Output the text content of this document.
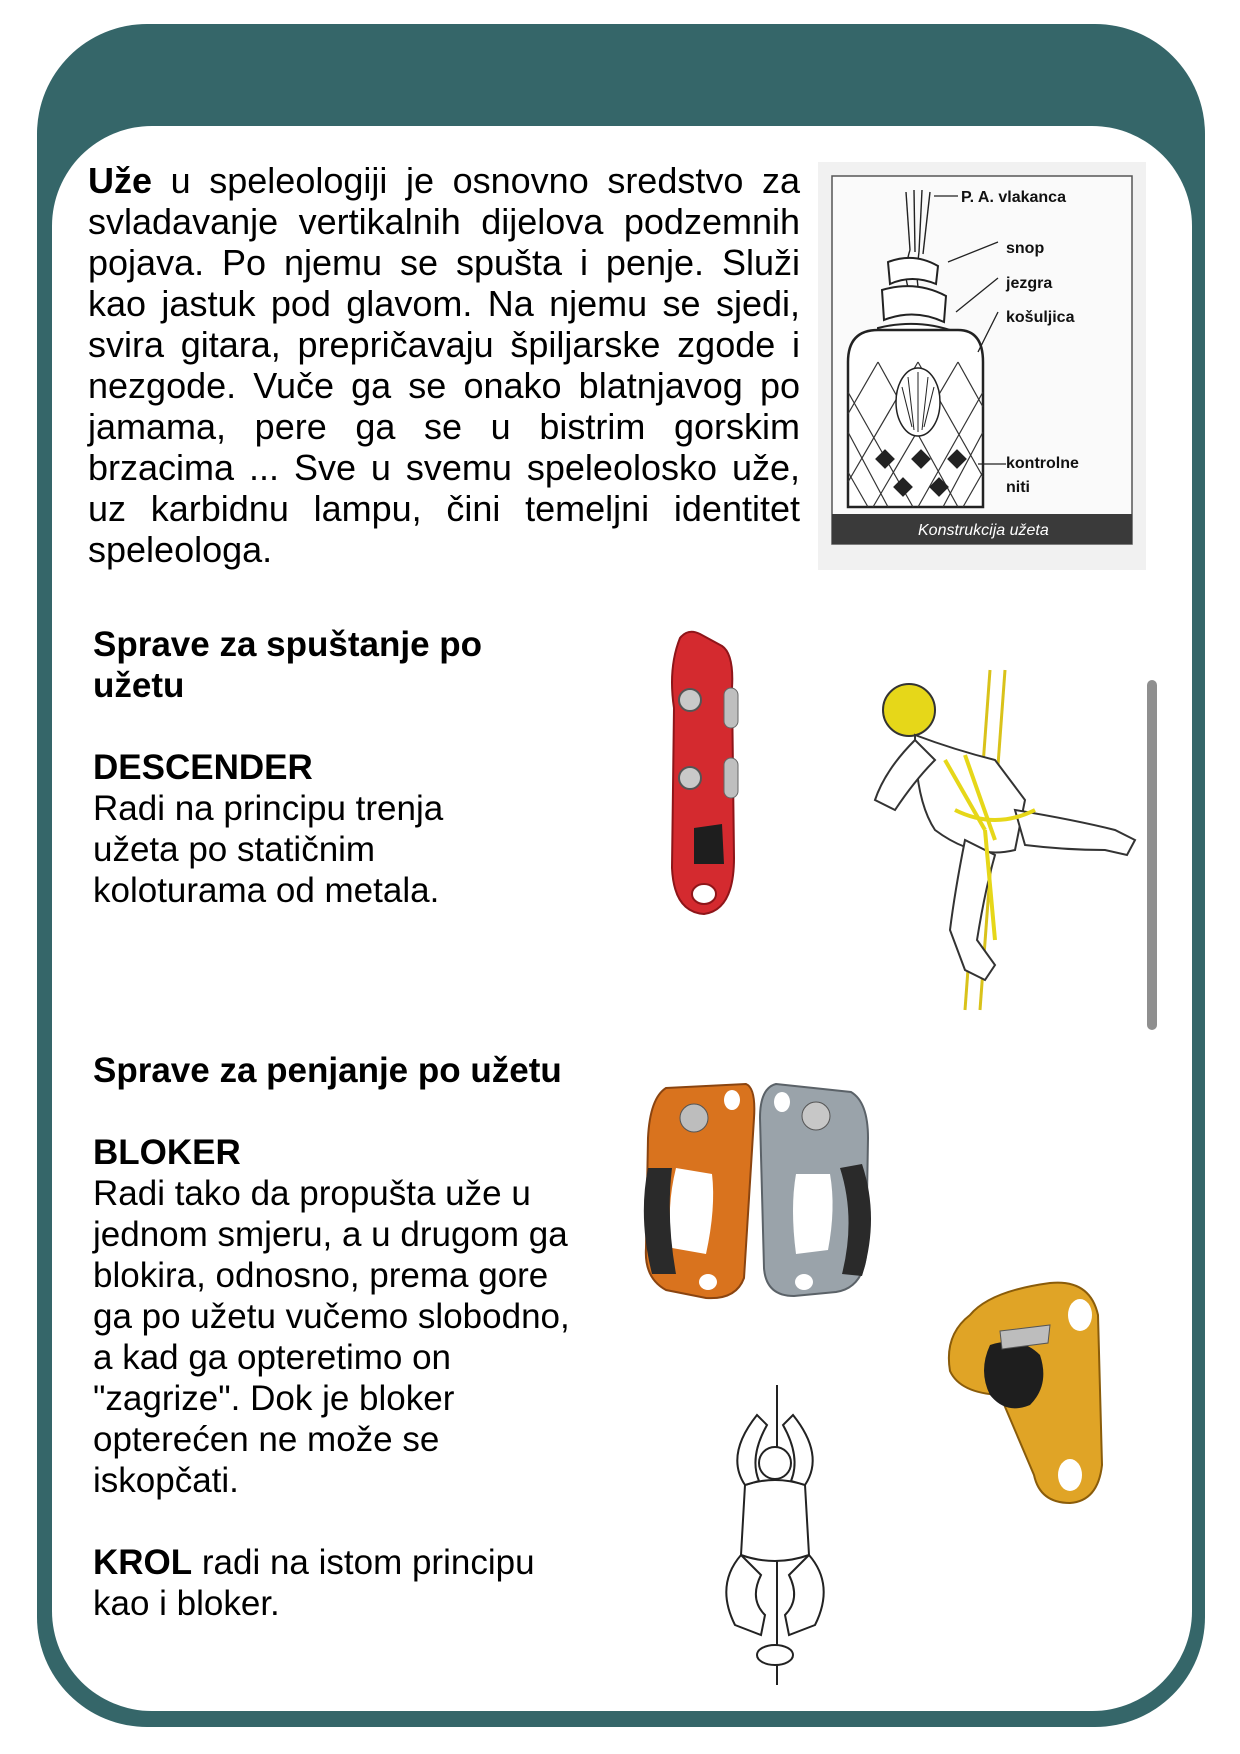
Uže u speleologiji je osnovno sredstvo za svladavanje vertikalnih dijelova podzemnih pojava. Po njemu se spušta i penje. Služi kao jastuk pod glavom. Na njemu se sjedi, svira gitara, prepričavaju špiljarske zgode i nezgode. Vuče ga se onako blatnjavog po jamama, pere ga se u bistrim gorskim brzacima ... Sve u svemu speleolosko uže, uz karbidnu lampu, čini temeljni identitet speleologa.
P. A. vlakanca
snop
jezgra
košuljica
kontrolne
niti
Konstrukcija užeta
Sprave za spuštanje po
užetu
DESCENDER
Radi na principu trenja
užeta po statičnim
koloturama od metala.
Sprave za penjanje po užetu
BLOKER
Radi tako da propušta uže u
jednom smjeru, a u drugom ga
blokira, odnosno, prema gore
ga po užetu vučemo slobodno,
a kad ga opteretimo on
"zagrize". Dok je bloker
opterećen ne može se
iskopčati.
KROL radi na istom principu
kao i bloker.
